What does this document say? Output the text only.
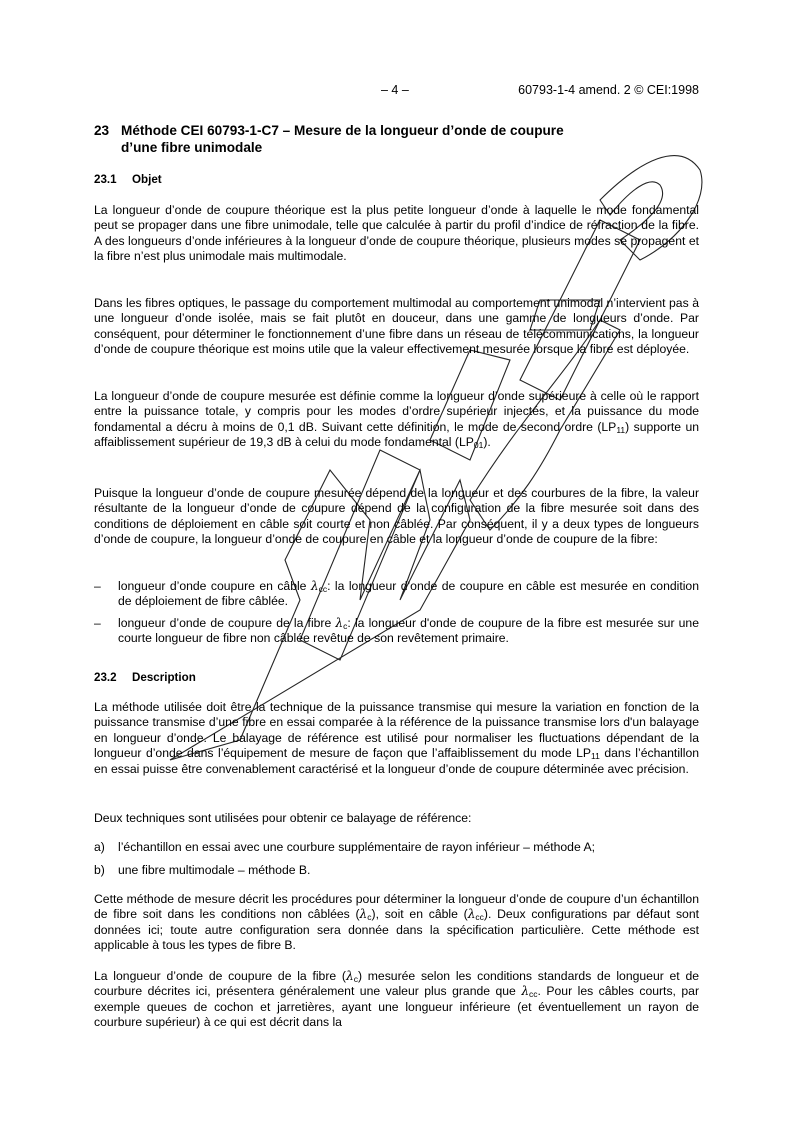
– 4 –	60793-1-4 amend. 2 © CEI:1998
23 Méthode CEI 60793-1-C7 – Mesure de la longueur d’onde de coupure
d’une fibre unimodale
23.1 Objet

La longueur d’onde de coupure théorique est la plus petite longueur d’onde à laquelle le mode fondamental peut se propager dans une fibre unimodale, telle que calculée à partir du profil d’indice de réfraction de la fibre. A des longueurs d’onde inférieures à la longueur d’onde de coupure théorique, plusieurs modes se propagent et la fibre n’est plus unimodale mais multimodale.

Dans les fibres optiques, le passage du comportement multimodal au comportement unimodal n’intervient pas à une longueur d’onde isolée, mais se fait plutôt en douceur, dans une gamme de longueurs d’onde. Par conséquent, pour déterminer le fonctionnement d’une fibre dans un réseau de télécommunications, la longueur d’onde de coupure théorique est moins utile que la valeur effectivement mesurée lorsque la fibre est déployée.

La longueur d’onde de coupure mesurée est définie comme la longueur d’onde supérieure à celle où le rapport entre la puissance totale, y compris pour les modes d’ordre supérieur injectés, et la puissance du mode fondamental a décru à moins de 0,1 dB. Suivant cette définition, le mode de second ordre $(LP_{11})$ supporte un affaiblissement supérieur de 19,3 dB à celui du mode fondamental $(LP_{01})$.

Puisque la longueur d’onde de coupure mesurée dépend de la longueur et des courbures de la fibre, la valeur résultante de la longueur d’onde de coupure dépend de la configuration de la fibre mesurée soit dans des conditions de déploiement en câble soit courte et non câblée. Par conséquent, il y a deux types de longueurs d’onde de coupure, la longueur d’onde de coupure en câble et la longueur d’onde de coupure de la fibre:

– longueur d’onde coupure en câble $\lambda_{cc}$: la longueur d’onde de coupure en câble est mesurée en condition de déploiement de fibre câblée.
– longueur d’onde de coupure de la fibre $\lambda_c$: la longueur d'onde de coupure de la fibre est mesurée sur une courte longueur de fibre non câblée revêtue de son revêtement primaire.
23.2 Description

La méthode utilisée doit être la technique de la puissance transmise qui mesure la variation en fonction de la puissance transmise d’une fibre en essai comparée à la référence de la puissance transmise lors d'un balayage en longueur d’onde. Le balayage de référence est utilisé pour normaliser les fluctuations dépendant de la longueur d’onde dans l’équipement de mesure de façon que l’affaiblissement du mode $LP_{11}$ dans l’échantillon en essai puisse être convenablement caractérisé et la longueur d’onde de coupure déterminée avec précision.

Deux techniques sont utilisées pour obtenir ce balayage de référence:

a) l’échantillon en essai avec une courbure supplémentaire de rayon inférieur – méthode A;
b) une fibre multimodale – méthode B.

Cette méthode de mesure décrit les procédures pour déterminer la longueur d’onde de coupure d’un échantillon de fibre soit dans les conditions non câblées $(\lambda_c)$, soit en câble $(\lambda_{cc})$. Deux configurations par défaut sont données ici; toute autre configuration sera donnée dans la spécification particulière. Cette méthode est applicable à tous les types de fibre B.

La longueur d’onde de coupure de la fibre $(\lambda_c)$ mesurée selon les conditions standards de longueur et de courbure décrites ici, présentera généralement une valeur plus grande que $\lambda_{cc}$. Pour les câbles courts, par exemple queues de cochon et jarretières, ayant une longueur inférieure (et éventuellement un rayon de courbure supérieur) à ce qui est décrit dans la
